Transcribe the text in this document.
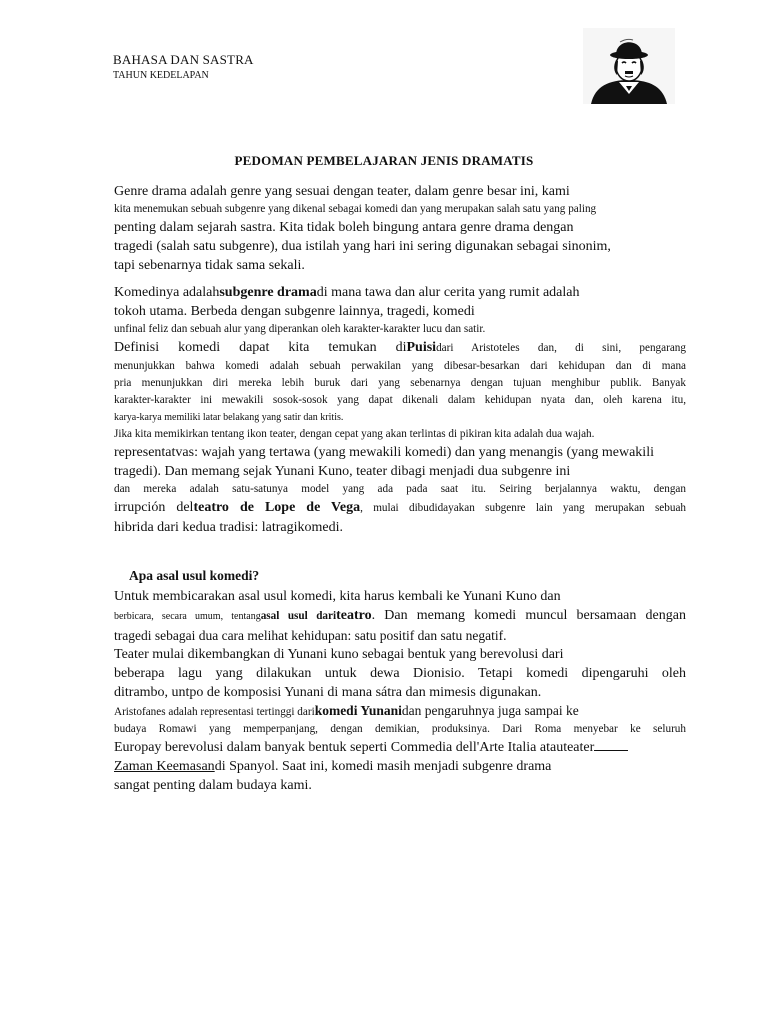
BAHASA DAN SASTRA
TAHUN KEDELAPAN
PEDOMAN PEMBELAJARAN JENIS DRAMATIS
Genre drama adalah genre yang sesuai dengan teater, dalam genre besar ini, kami
kita menemukan sebuah subgenre yang dikenal sebagai komedi dan yang merupakan salah satu yang paling
penting dalam sejarah sastra. Kita tidak boleh bingung antara genre drama dengan
tragedi (salah satu subgenre), dua istilah yang hari ini sering digunakan sebagai sinonim,
tapi sebenarnya tidak sama sekali.
Komedinya adalahsubgenre dramadi mana tawa dan alur cerita yang rumit adalah
tokoh utama. Berbeda dengan subgenre lainnya, tragedi, komedi
unfinal feliz dan sebuah alur yang diperankan oleh karakter-karakter lucu dan satir.
Definisi komedi dapat kita temukan diPuisidari Aristoteles dan, di sini, pengarang
menunjukkan bahwa komedi adalah sebuah perwakilan yang dibesar-besarkan dari kehidupan dan di mana
pria menunjukkan diri mereka lebih buruk dari yang sebenarnya dengan tujuan menghibur publik. Banyak
karakter-karakter ini mewakili sosok-sosok yang dapat dikenali dalam kehidupan nyata dan, oleh karena itu,
karya-karya memiliki latar belakang yang satir dan kritis.
Jika kita memikirkan tentang ikon teater, dengan cepat yang akan terlintas di pikiran kita adalah dua wajah.
representatvas: wajah yang tertawa (yang mewakili komedi) dan yang menangis (yang mewakili
tragedi). Dan memang sejak Yunani Kuno, teater dibagi menjadi dua subgenre ini
dan mereka adalah satu-satunya model yang ada pada saat itu. Seiring berjalannya waktu, dengan
irrupción delteatro de Lope de Vega, mulai dibudidayakan subgenre lain yang merupakan sebuah
hibrida dari kedua tradisi: latragikomedi.
Apa asal usul komedi?
Untuk membicarakan asal usul komedi, kita harus kembali ke Yunani Kuno dan
berbicara, secara umum, tentangasal usul dariteatro. Dan memang komedi muncul bersamaan dengan
tragedi sebagai dua cara melihat kehidupan: satu positif dan satu negatif.
Teater mulai dikembangkan di Yunani kuno sebagai bentuk yang berevolusi dari
beberapa lagu yang dilakukan untuk dewa Dionisio. Tetapi komedi dipengaruhi oleh
ditrambo, untpo de komposisi Yunani di mana sátra dan mimesis digunakan.
Aristofanes adalah representasi tertinggi darikomedi Yunanidan pengaruhnya juga sampai ke
budaya Romawi yang memperpanjang, dengan demikian, produksinya. Dari Roma menyebar ke seluruh
Europay berevolusi dalam banyak bentuk seperti Commedia dell'Arte Italia atauteater
Zaman Keemasandi Spanyol. Saat ini, komedi masih menjadi subgenre drama
sangat penting dalam budaya kami.
